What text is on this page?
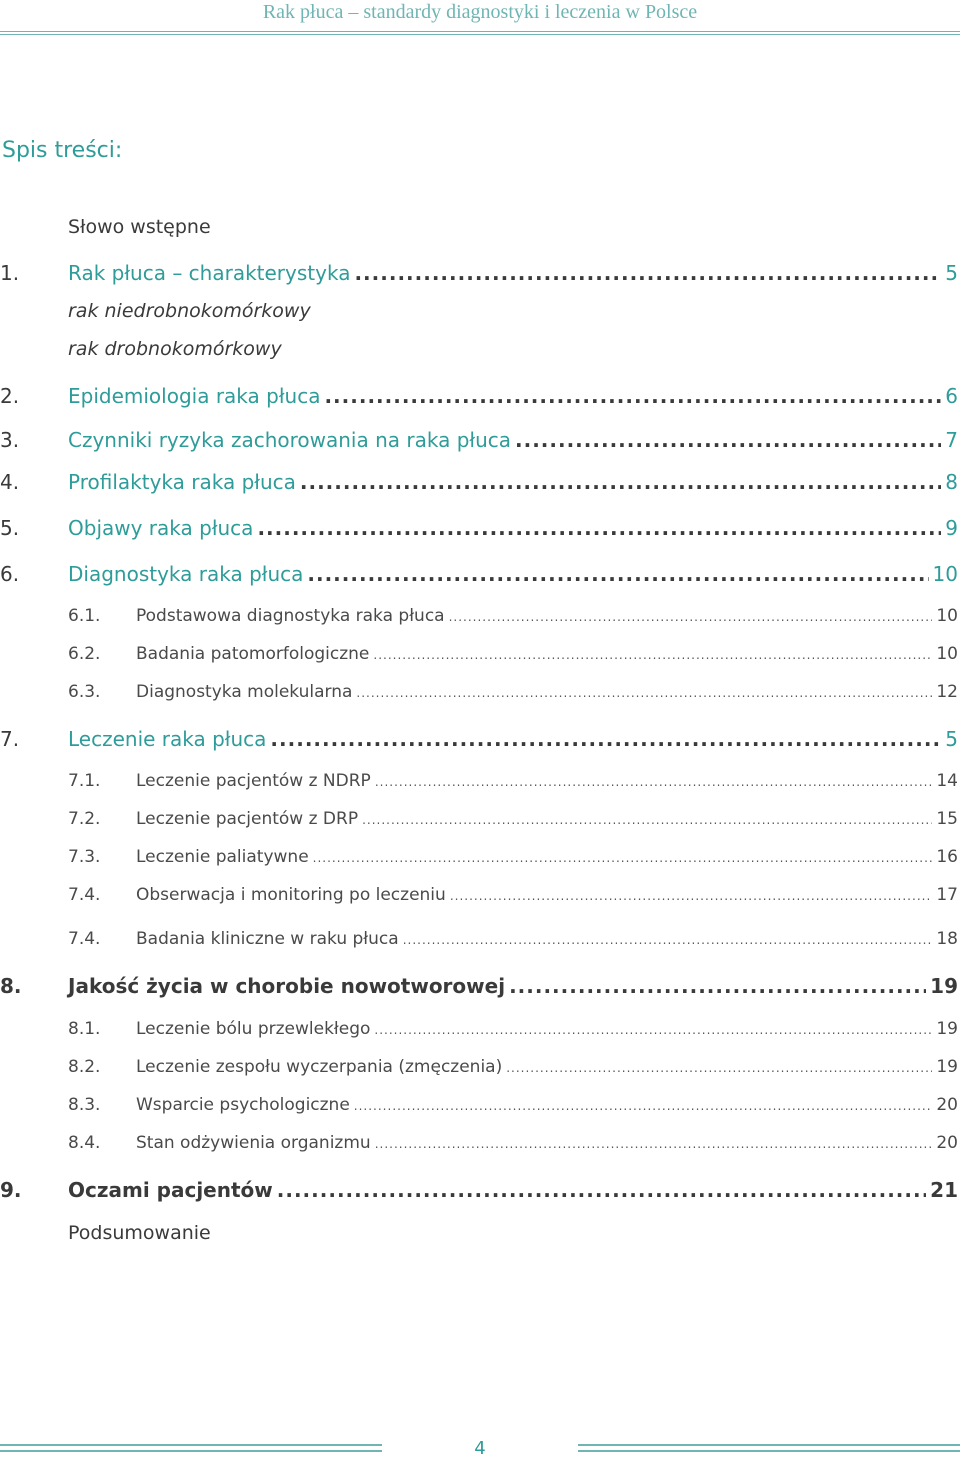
Rak płuca – standardy diagnostyki i leczenia w Polsce
Spis treści:
Słowo wstępne
1.	Rak płuca – charakterystyka .....	5
rak niedrobnokomórkowy
rak drobnokomórkowy
2.	Epidemiologia raka płuca .....	6
3.	Czynniki ryzyka zachorowania na raka płuca .....	7
4.	Profilaktyka raka płuca .....	8
5.	Objawy raka płuca .....	9
6.	Diagnostyka raka płuca .....	10
6.1.	Podstawowa diagnostyka raka płuca .....	10
6.2.	Badania patomorfologiczne .....	10
6.3.	Diagnostyka molekularna .....	12
7.	Leczenie raka płuca .....	5
7.1.	Leczenie pacjentów z NDRP .....	14
7.2.	Leczenie pacjentów z DRP .....	15
7.3.	Leczenie paliatywne .....	16
7.4.	Obserwacja i monitoring po leczeniu .....	17
7.4.	Badania kliniczne w raku płuca .....	18
8.	Jakość życia w chorobie nowotworowej .....	19
8.1.	Leczenie bólu przewlekłego .....	19
8.2.	Leczenie zespołu wyczerpania (zmęczenia) .....	19
8.3.	Wsparcie psychologiczne .....	20
8.4.	Stan odżywienia organizmu .....	20
9.	Oczami pacjentów .....	21
Podsumowanie
4
